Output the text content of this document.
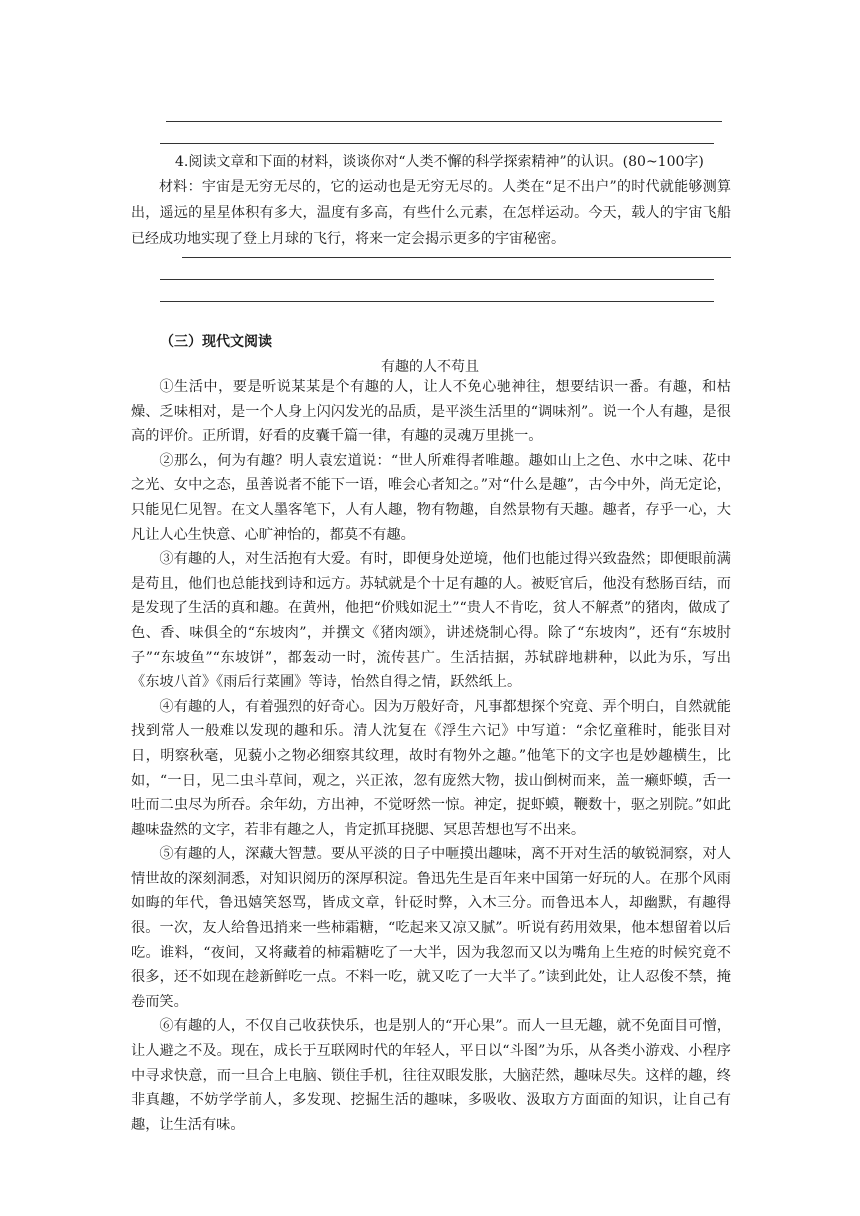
4.阅读文章和下面的材料，谈谈你对“人类不懈的科学探索精神”的认识。(80~100字)

材料：宇宙是无穷无尽的，它的运动也是无穷无尽的。人类在“足不出户”的时代就能够测算出，遥远的星星体积有多大，温度有多高，有些什么元素，在怎样运动。今天，载人的宇宙飞船已经成功地实现了登上月球的飞行，将来一定会揭示更多的宇宙秘密。

（三）现代文阅读
有趣的人不苟且

①生活中，要是听说某某是个有趣的人，让人不免心驰神往，想要结识一番。有趣，和枯燥、乏味相对，是一个人身上闪闪发光的品质，是平淡生活里的“调味剂”。说一个人有趣，是很高的评价。正所谓，好看的皮囊千篇一律，有趣的灵魂万里挑一。

②那么，何为有趣？明人袁宏道说：“世人所难得者唯趣。趣如山上之色、水中之味、花中之光、女中之态，虽善说者不能下一语，唯会心者知之。”对“什么是趣”，古今中外，尚无定论，只能见仁见智。在文人墨客笔下，人有人趣，物有物趣，自然景物有天趣。趣者，存乎一心，大凡让人心生快意、心旷神怡的，都莫不有趣。

③有趣的人，对生活抱有大爱。有时，即便身处逆境，他们也能过得兴致盎然；即便眼前满是苟且，他们也总能找到诗和远方。苏轼就是个十足有趣的人。被贬官后，他没有愁肠百结，而是发现了生活的真和趣。在黄州，他把“价贱如泥土”“贵人不肯吃，贫人不解煮”的猪肉，做成了色、香、味俱全的“东坡肉”，并撰文《猪肉颂》，讲述烧制心得。除了“东坡肉”，还有“东坡肘子”“东坡鱼”“东坡饼”，都轰动一时，流传甚广。生活拮据，苏轼辟地耕种，以此为乐，写出《东坡八首》《雨后行菜圃》等诗，怡然自得之情，跃然纸上。

④有趣的人，有着强烈的好奇心。因为万般好奇，凡事都想探个究竟、弄个明白，自然就能找到常人一般难以发现的趣和乐。清人沈复在《浮生六记》中写道：“余忆童稚时，能张目对日，明察秋毫，见藐小之物必细察其纹理，故时有物外之趣。”他笔下的文字也是妙趣横生，比如，“一日，见二虫斗草间，观之，兴正浓，忽有庞然大物，拔山倒树而来，盖一癞虾蟆，舌一吐而二虫尽为所吞。余年幼，方出神，不觉呀然一惊。神定，捉虾蟆，鞭数十，驱之别院。”如此趣味盎然的文字，若非有趣之人，肯定抓耳挠腮、冥思苦想也写不出来。

⑤有趣的人，深藏大智慧。要从平淡的日子中咂摸出趣味，离不开对生活的敏锐洞察，对人情世故的深刻洞悉，对知识阅历的深厚积淀。鲁迅先生是百年来中国第一好玩的人。在那个风雨如晦的年代，鲁迅嬉笑怒骂，皆成文章，针砭时弊，入木三分。而鲁迅本人，却幽默，有趣得很。一次，友人给鲁迅捎来一些柿霜糖，“吃起来又凉又腻”。听说有药用效果，他本想留着以后吃。谁料，“夜间，又将藏着的柿霜糖吃了一大半，因为我忽而又以为嘴角上生疮的时候究竟不很多，还不如现在趁新鲜吃一点。不料一吃，就又吃了一大半了。”读到此处，让人忍俊不禁，掩卷而笑。

⑥有趣的人，不仅自己收获快乐，也是别人的“开心果”。而人一旦无趣，就不免面目可憎，让人避之不及。现在，成长于互联网时代的年轻人，平日以“斗图”为乐，从各类小游戏、小程序中寻求快意，而一旦合上电脑、锁住手机，往往双眼发胀，大脑茫然，趣味尽失。这样的趣，终非真趣，不妨学学前人，多发现、挖掘生活的趣味，多吸收、汲取方方面面的知识，让自己有趣，让生活有味。
